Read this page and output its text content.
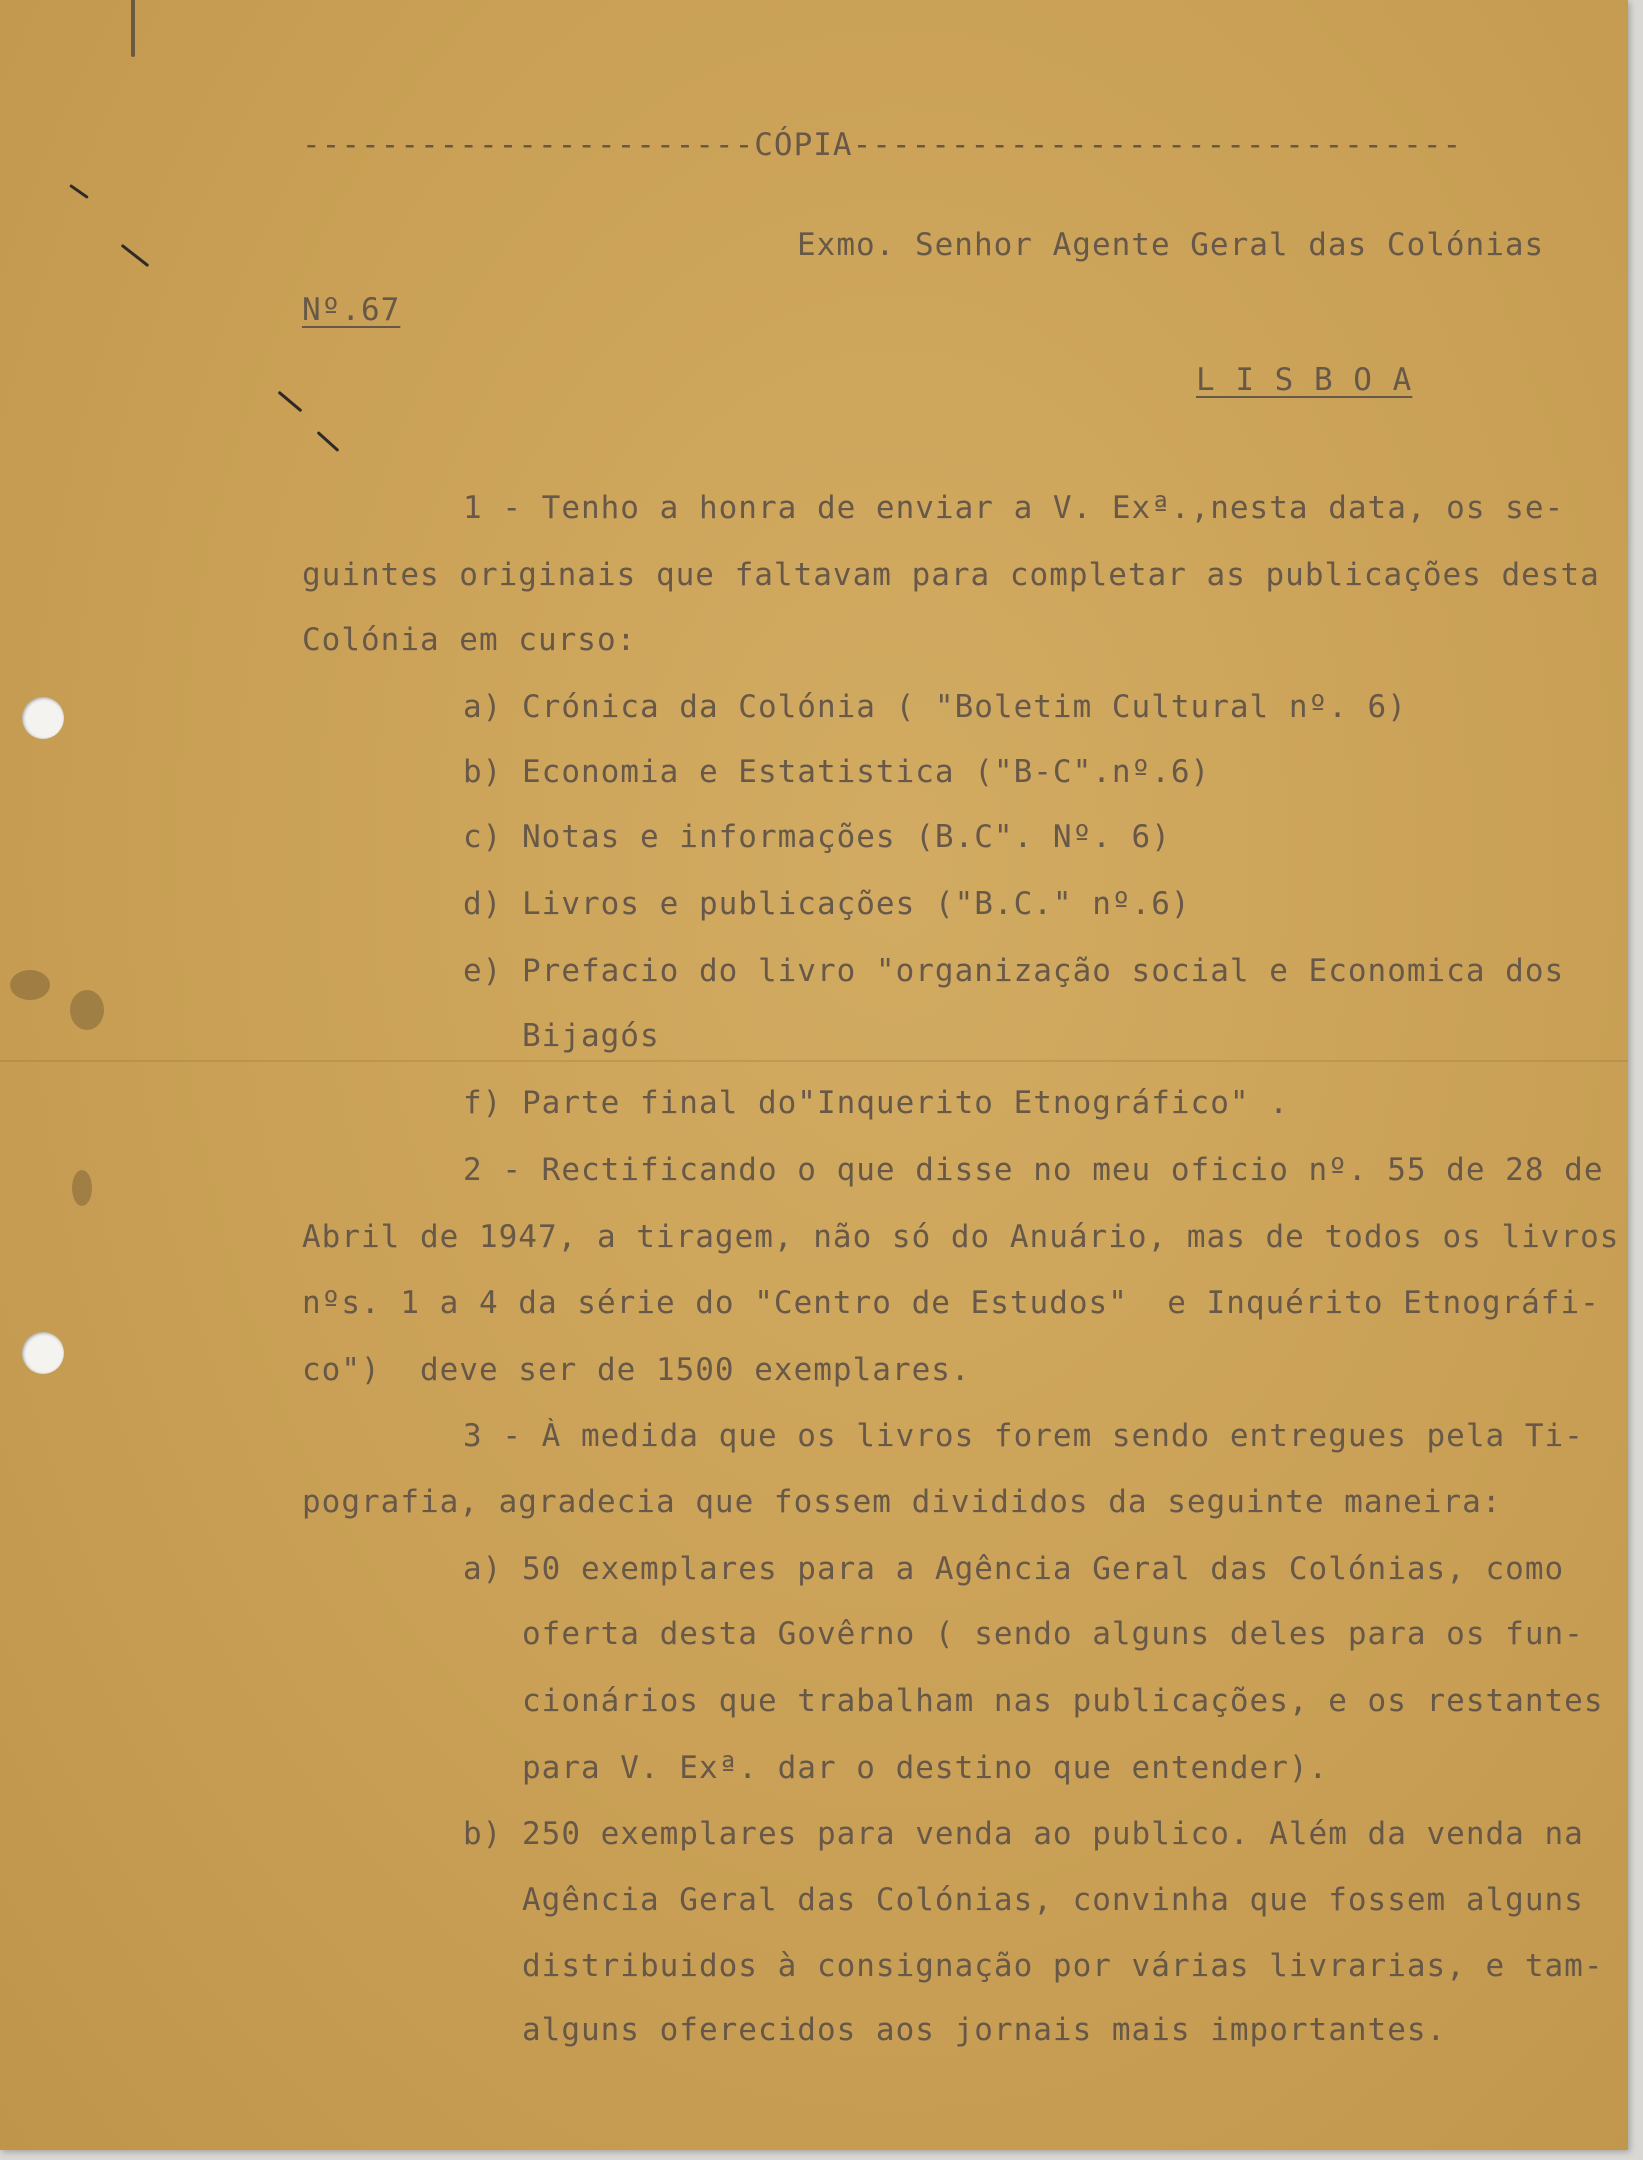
-----------------------CÓPIA-------------------------------
Exmo. Senhor Agente Geral das Colónias
Nº.67
L I S B O A
1 - Tenho a honra de enviar a V. Exª.,nesta data, os se-
guintes originais que faltavam para completar as publicações desta
Colónia em curso:
a) Crónica da Colónia ( "Boletim Cultural nº. 6)
b) Economia e Estatistica ("B-C".nº.6)
c) Notas e informações (B.C". Nº. 6)
d) Livros e publicações ("B.C." nº.6)
e) Prefacio do livro "organização social e Economica dos
Bijagós
f) Parte final do"Inquerito Etnográfico" .
2 - Rectificando o que disse no meu oficio nº. 55 de 28 de
Abril de 1947, a tiragem, não só do Anuário, mas de todos os livros
nºs. 1 a 4 da série do "Centro de Estudos"  e Inquérito Etnográfi-
co")  deve ser de 1500 exemplares.
3 - À medida que os livros forem sendo entregues pela Ti-
pografia, agradecia que fossem divididos da seguinte maneira:
a) 50 exemplares para a Agência Geral das Colónias, como
oferta desta Govêrno ( sendo alguns deles para os fun-
cionários que trabalham nas publicações, e os restantes
para V. Exª. dar o destino que entender).
b) 250 exemplares para venda ao publico. Além da venda na
Agência Geral das Colónias, convinha que fossem alguns
distribuidos à consignação por várias livrarias, e tam-
alguns oferecidos aos jornais mais importantes.
